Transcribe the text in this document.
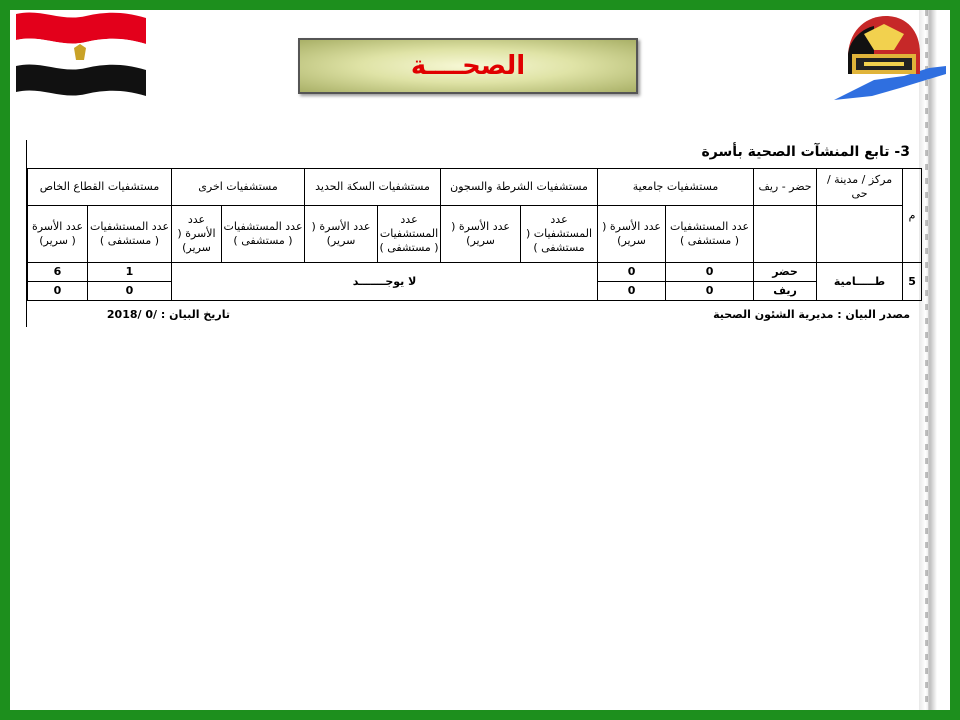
الصحــــة
3- تابع المنشآت الصحية بأسرة
م	مركز / مدينة / حى	حضر - ريف	مستشفيات جامعية		مستشفيات الشرطة والسجون		مستشفيات السكة الحديد		مستشفيات اخرى		مستشفيات القطاع الخاص	
			عدد المستشفيات ( مستشفى )	عدد الأسرة ( سرير)	عدد المستشفيات ( مستشفى )	عدد الأسرة ( سرير)	عدد المستشفيات ( مستشفى )	عدد الأسرة ( سرير)	عدد المستشفيات ( مستشفى )	عدد الأسرة ( سرير)	عدد المستشفيات ( مستشفى )	عدد الأسرة ( سرير)
5	طـــــامية	حضر	0	0	لا يوجـــــــد						1	6
		ريف	0	0							0	0
مصدر البيان : مديرية الشئون الصحية
تاريخ البيان : /0 /2018
